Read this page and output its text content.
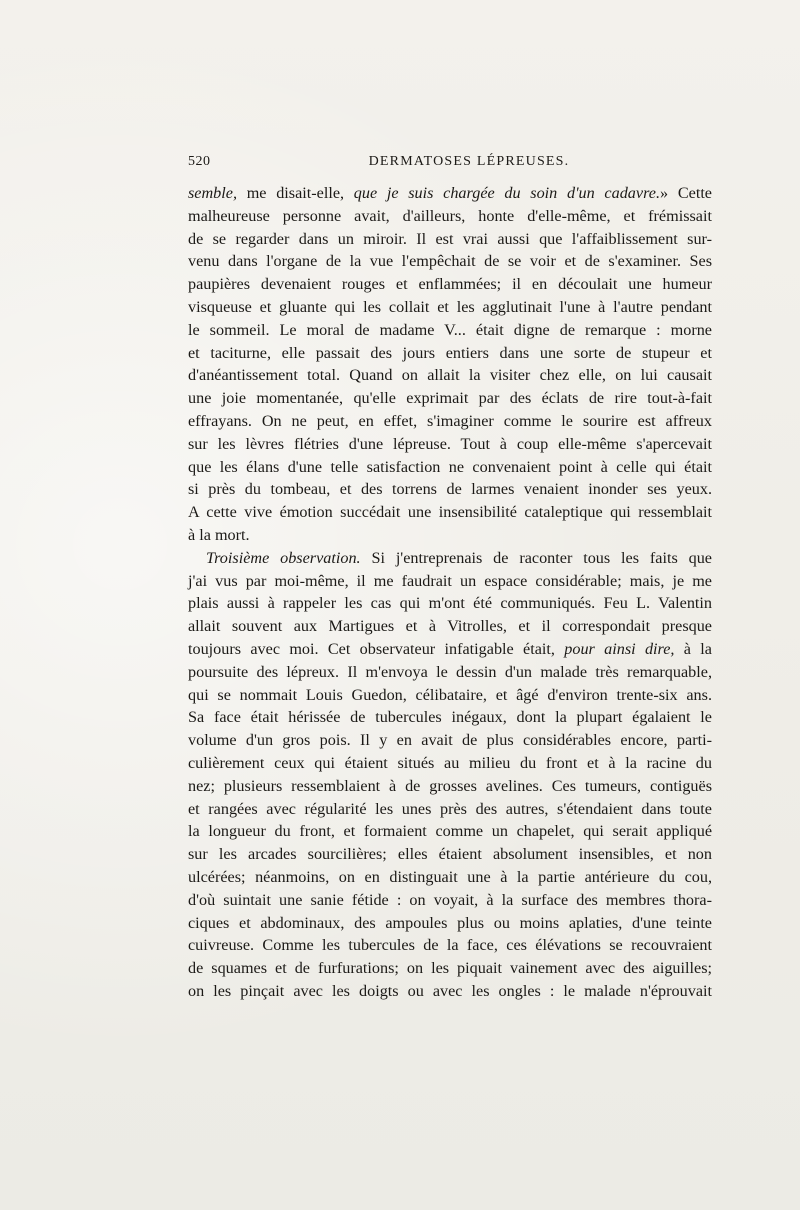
520	DERMATOSES LÉPREUSES.
semble, me disait-elle, que je suis chargée du soin d'un cadavre.» Cette
malheureuse personne avait, d'ailleurs, honte d'elle-même, et frémissait
de se regarder dans un miroir. Il est vrai aussi que l'affaiblissement sur-
venu dans l'organe de la vue l'empêchait de se voir et de s'examiner. Ses
paupières devenaient rouges et enflammées; il en découlait une humeur
visqueuse et gluante qui les collait et les agglutinait l'une à l'autre pendant
le sommeil. Le moral de madame V... était digne de remarque : morne
et taciturne, elle passait des jours entiers dans une sorte de stupeur et
d'anéantissement total. Quand on allait la visiter chez elle, on lui causait
une joie momentanée, qu'elle exprimait par des éclats de rire tout-à-fait
effrayans. On ne peut, en effet, s'imaginer comme le sourire est affreux
sur les lèvres flétries d'une lépreuse. Tout à coup elle-même s'apercevait
que les élans d'une telle satisfaction ne convenaient point à celle qui était
si près du tombeau, et des torrens de larmes venaient inonder ses yeux.
A cette vive émotion succédait une insensibilité cataleptique qui ressemblait
à la mort.
Troisième observation. Si j'entreprenais de raconter tous les faits que
j'ai vus par moi-même, il me faudrait un espace considérable; mais, je me
plais aussi à rappeler les cas qui m'ont été communiqués. Feu L. Valentin
allait souvent aux Martigues et à Vitrolles, et il correspondait presque
toujours avec moi. Cet observateur infatigable était, pour ainsi dire, à la
poursuite des lépreux. Il m'envoya le dessin d'un malade très remarquable,
qui se nommait Louis Guedon, célibataire, et âgé d'environ trente-six ans.
Sa face était hérissée de tubercules inégaux, dont la plupart égalaient le
volume d'un gros pois. Il y en avait de plus considérables encore, parti-
culièrement ceux qui étaient situés au milieu du front et à la racine du
nez; plusieurs ressemblaient à de grosses avelines. Ces tumeurs, contiguës
et rangées avec régularité les unes près des autres, s'étendaient dans toute
la longueur du front, et formaient comme un chapelet, qui serait appliqué
sur les arcades sourcilières; elles étaient absolument insensibles, et non
ulcérées; néanmoins, on en distinguait une à la partie antérieure du cou,
d'où suintait une sanie fétide : on voyait, à la surface des membres thora-
ciques et abdominaux, des ampoules plus ou moins aplaties, d'une teinte
cuivreuse. Comme les tubercules de la face, ces élévations se recouvraient
de squames et de furfurations; on les piquait vainement avec des aiguilles;
on les pinçait avec les doigts ou avec les ongles : le malade n'éprouvait
